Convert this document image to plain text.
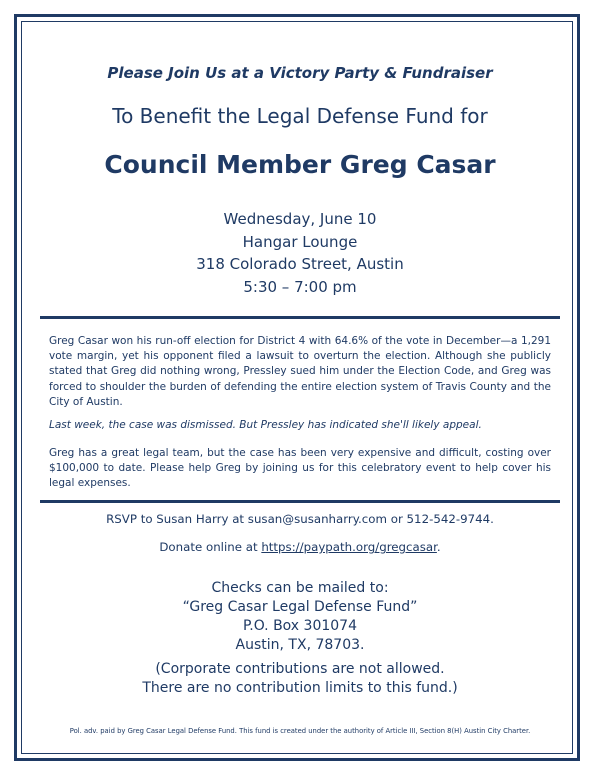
Please Join Us at a Victory Party & Fundraiser
To Benefit the Legal Defense Fund for
Council Member Greg Casar
Wednesday, June 10
Hangar Lounge
318 Colorado Street, Austin
5:30 – 7:00 pm

Greg Casar won his run-off election for District 4 with 64.6% of the vote in December—a 1,291 vote margin, yet his opponent filed a lawsuit to overturn the election. Although she publicly stated that Greg did nothing wrong, Pressley sued him under the Election Code, and Greg was forced to shoulder the burden of defending the entire election system of Travis County and the City of Austin.

Last week, the case was dismissed. But Pressley has indicated she'll likely appeal.

Greg has a great legal team, but the case has been very expensive and difficult, costing over $100,000 to date. Please help Greg by joining us for this celebratory event to help cover his legal expenses.

RSVP to Susan Harry at susan@susanharry.com or 512-542-9744.
Donate online at https://paypath.org/gregcasar.
Checks can be mailed to:
“Greg Casar Legal Defense Fund”
P.O. Box 301074
Austin, TX, 78703.
(Corporate contributions are not allowed.
There are no contribution limits to this fund.)
Pol. adv. paid by Greg Casar Legal Defense Fund. This fund is created under the authority of Article III, Section 8(H) Austin City Charter.
